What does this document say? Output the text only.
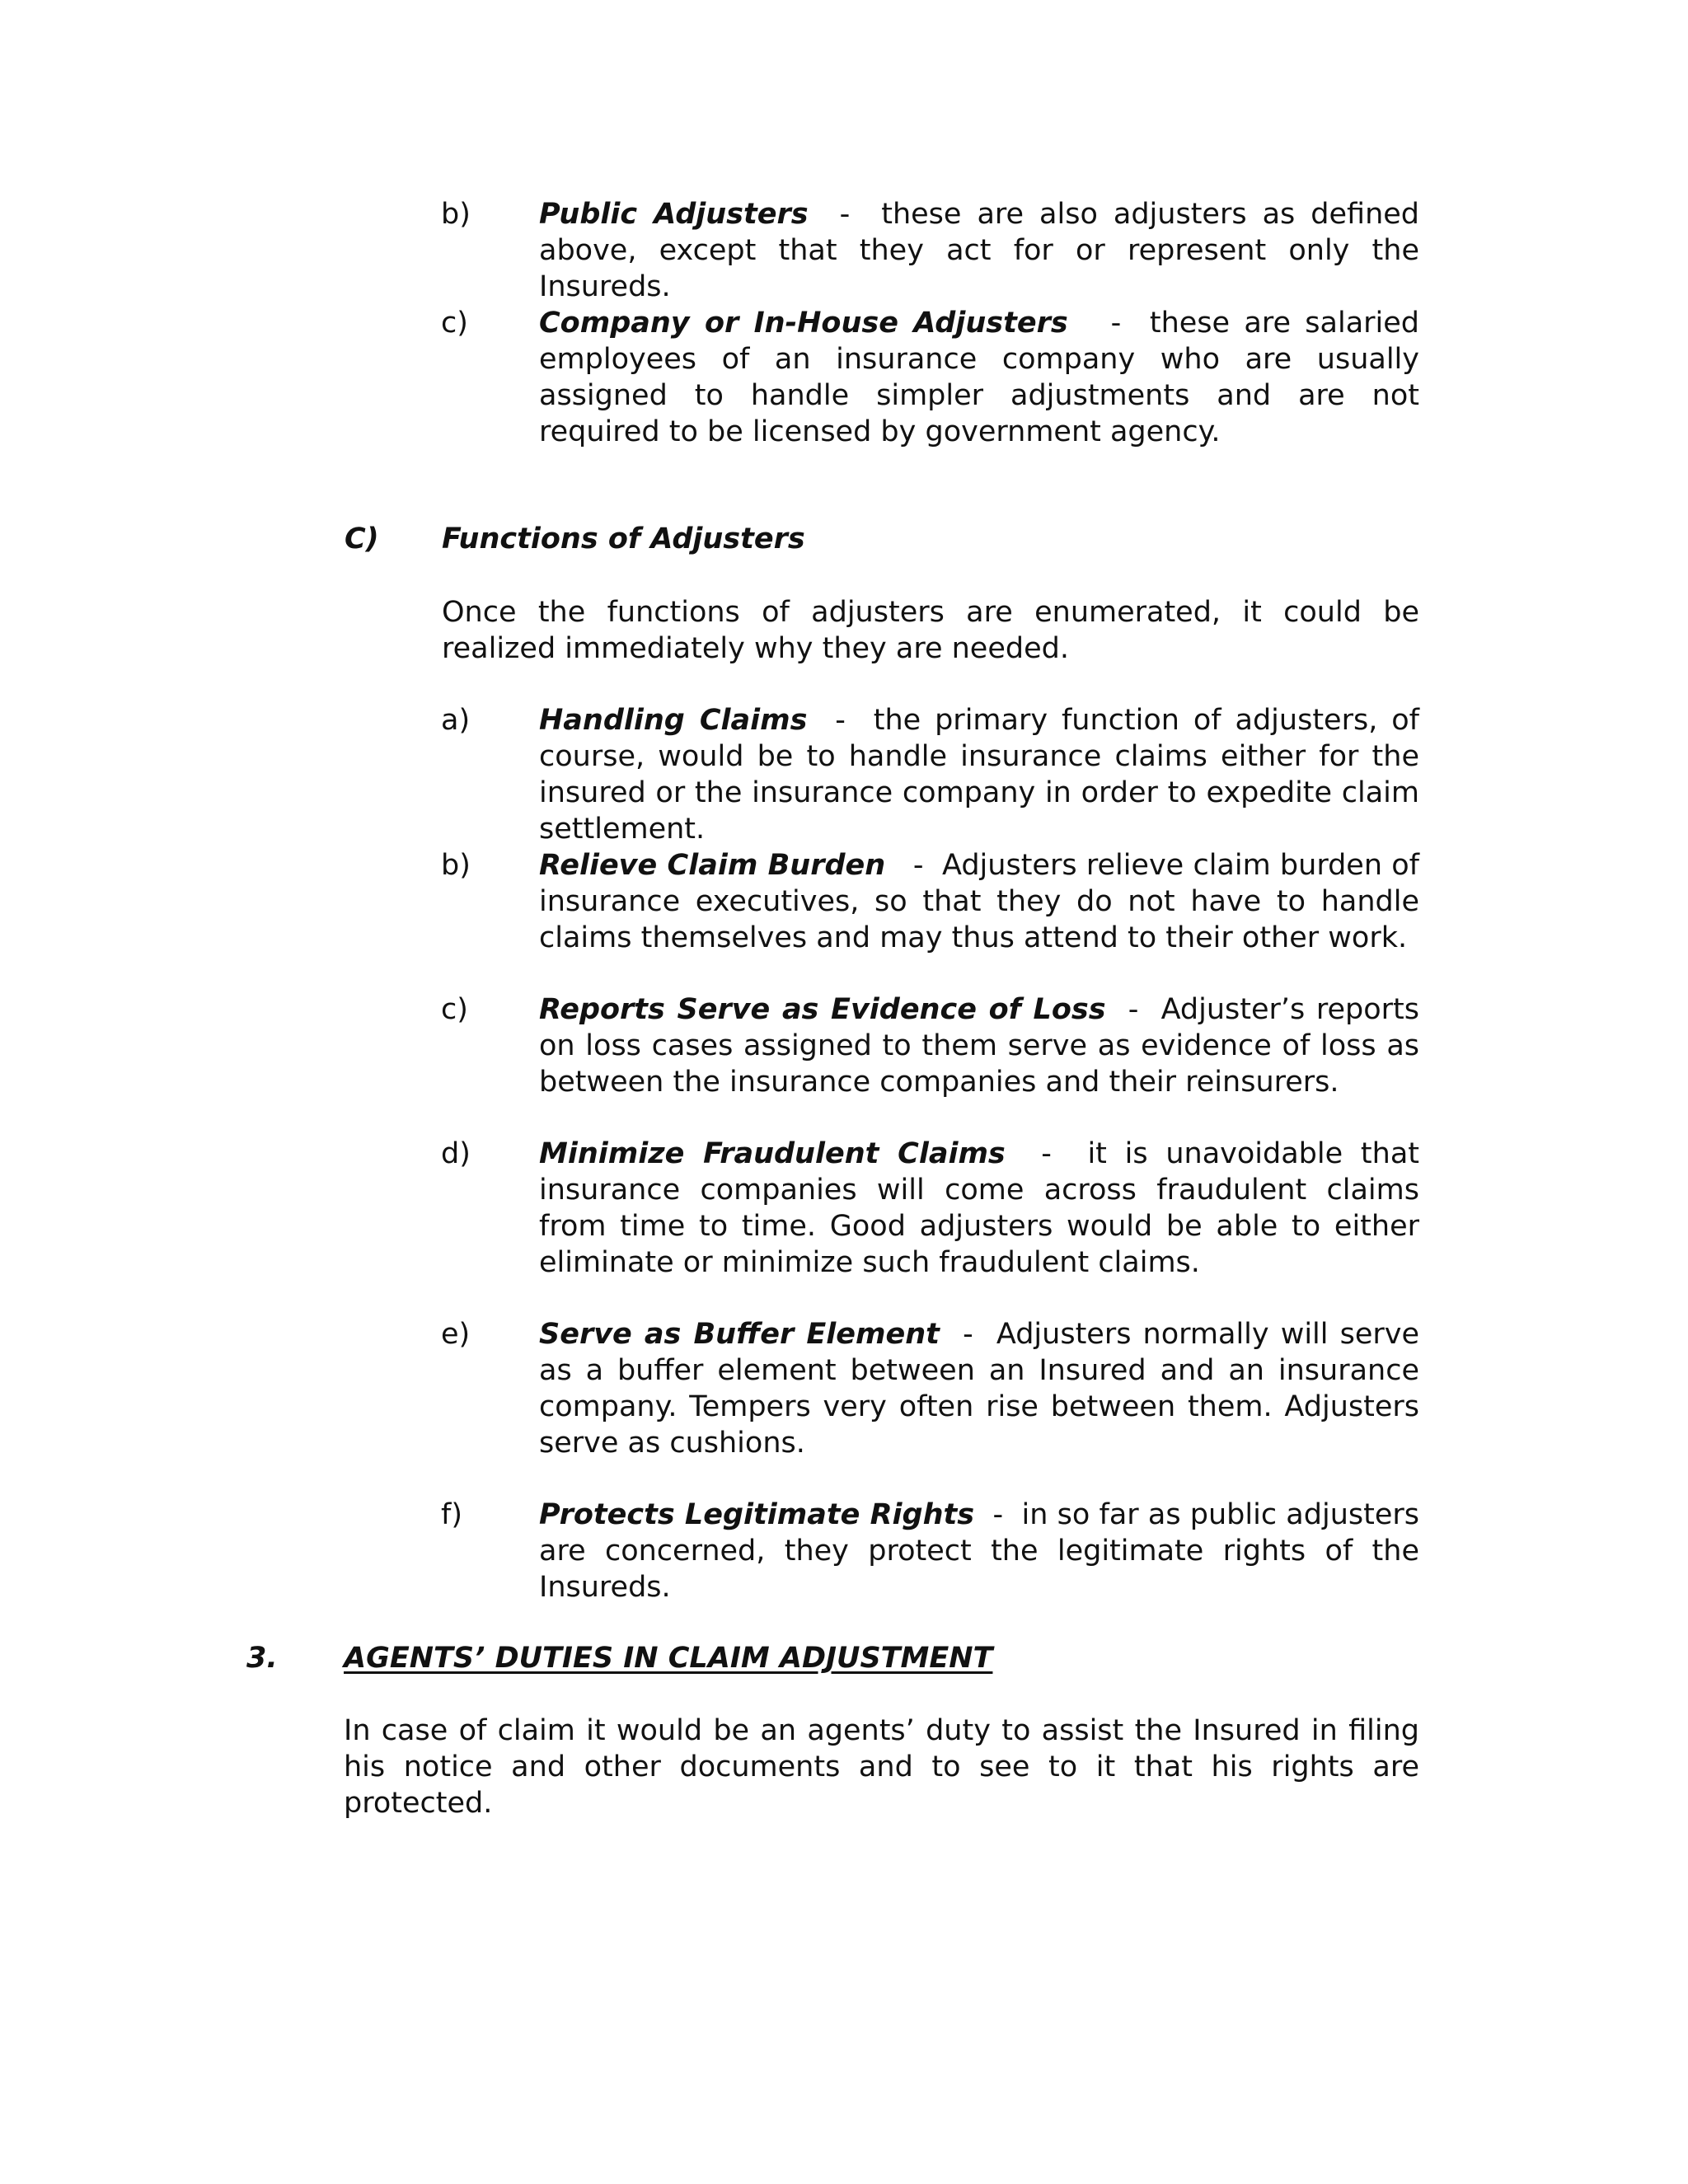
b) Public Adjusters  -  these are also adjusters as defined above, except that they act for or represent only the Insureds.
c) Company or In-House Adjusters   -  these are salaried employees of an insurance company who are usually assigned to handle simpler adjustments and are not required to be licensed by government agency.
C) Functions of Adjusters
Once the functions of adjusters are enumerated, it could be realized immediately why they are needed.
a) Handling Claims  -  the primary function of adjusters, of course, would be to handle insurance claims either for the insured or the insurance company in order to expedite claim settlement.
b) Relieve Claim Burden   -  Adjusters relieve claim burden of insurance executives, so that they do not have to handle claims themselves and may thus attend to their other work.
c) Reports Serve as Evidence of Loss  -  Adjuster’s reports on loss cases assigned to them serve as evidence of loss as between the insurance companies and their reinsurers.
d) Minimize Fraudulent Claims  -  it is unavoidable that insurance companies will come across fraudulent claims from time to time. Good adjusters would be able to either eliminate or minimize such fraudulent claims.
e) Serve as Buffer Element  -  Adjusters normally will serve as a buffer element between an Insured and an insurance company. Tempers very often rise between them. Adjusters serve as cushions.
f)	Protects Legitimate Rights  -  in so far as public adjusters are concerned, they protect the legitimate rights of the Insureds.
3. AGENTS’ DUTIES IN CLAIM ADJUSTMENT
In case of claim it would be an agents’ duty to assist the Insured in filing his notice and other documents and to see to it that his rights are protected.
